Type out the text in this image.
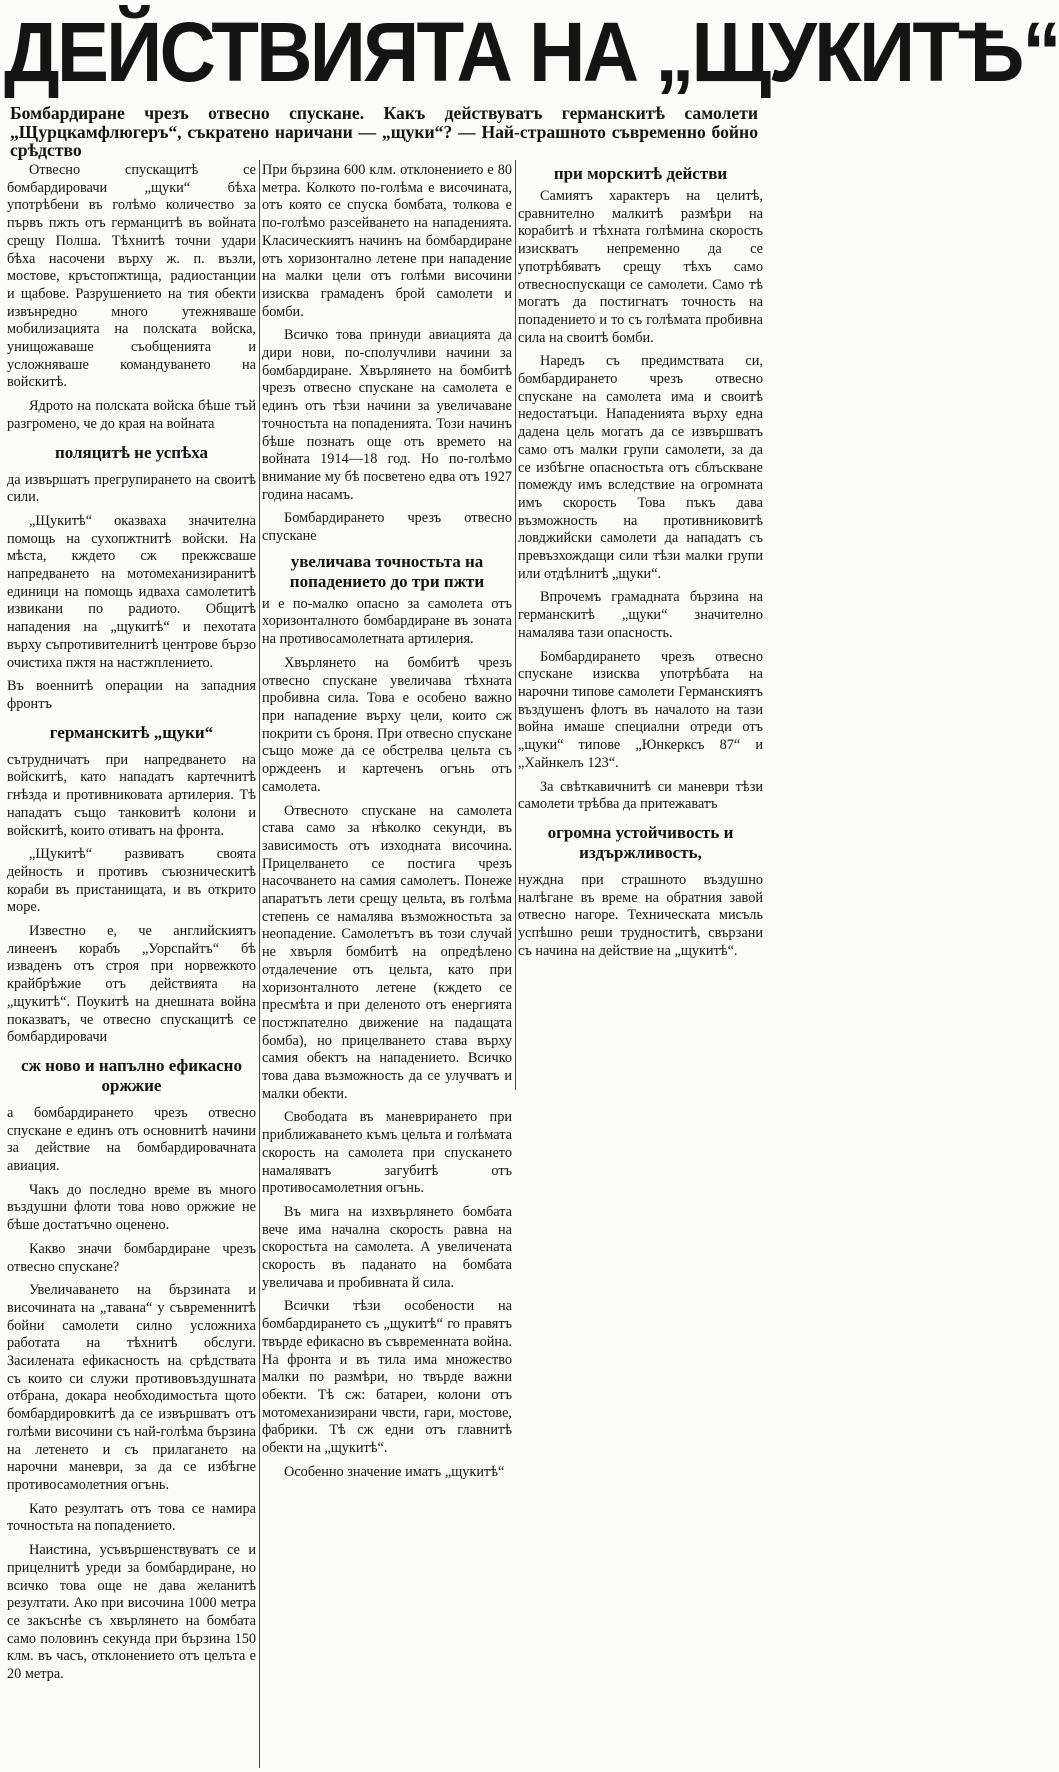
ДЕЙСТВИЯТА НА „ЩУКИТѢ“
Бомбардиране чрезъ отвесно спускане. Какъ действуватъ германскитѣ самолети „Щурцкамфлюгеръ“, съкратено наричани — „щуки“? — Най-страшното съвременно бойно срѣдство

Отвесно спускащитѣ се бомбардировачи „щуки“ бѣха употрѣбени въ голѣмо количество за първъ пжть отъ германцитѣ въ войната срещу Полша. Тѣхнитѣ точни удари бѣха насочени върху ж. п. възли, мостове, кръстопжтища, радиостанции и щабове. Разрушението на тия обекти извънредно много утежняваше мобилизацията на полската войска, унищожаваше съобщенията и усложняваше командуването на войскитѣ.

Ядрото на полската войска бѣше тъй разгромено, че до края на войната

поляцитѣ не успѣха

да извършатъ прегрупирането на своитѣ сили.

„Щукитѣ“ оказваха значителна помощь на сухопжтнитѣ войски. На мѣста, кждето сж прекжсваше напредването на мотомеханизиранитѣ единици на помощь идваха самолетитѣ извикани по радиото. Общитѣ нападения на „щукитѣ“ и пехотата върху съпротивителнитѣ центрове бързо очистиха пжтя на настжплението.

Въ военнитѣ операции на западния фронтъ

германскитѣ „щуки“

сътрудничатъ при напредването на войскитѣ, като нападатъ картечнитѣ гнѣзда и противниковата артилерия. Тѣ нападатъ също танковитѣ колони и войскитѣ, които отиватъ на фронта.

„Щукитѣ“ развиватъ своята дейность и противъ съюзническитѣ кораби въ пристанищата, и въ открито море.

Известно е, че английскиятъ линеенъ корабъ „Уорспайтъ“ бѣ изваденъ отъ строя при норвежкото крайбрѣжие отъ действията на „щукитѣ“. Поукитѣ на днешната война показватъ, че отвесно спускащитѣ се бомбардировачи

сж ново и напълно ефикасно оржжие

а бомбардирането чрезъ отвесно спускане е единъ отъ основнитѣ начини за действие на бомбардировачната авиация.

Чакъ до последно време въ много въздушни флоти това ново оржжие не бѣше достатъчно оценено.

Какво значи бомбардиране чрезъ отвесно спускане?

Увеличаването на бързината и височината на „тавана“ у съвременнитѣ бойни самолети силно усложниха работата на тѣхнитѣ обслуги. Засилената ефикасность на срѣдствата съ които си служи противовъздушната отбрана, докара необходимостьта щото бомбардировкитѣ да се извършватъ отъ голѣми височини съ най-голѣма бързина на летенето и съ прилагането на нарочни маневри, за да се избѣгне противосамолетния огънь.

Като резултатъ отъ това се намира точностьта на попадението.

Наистина, усъвършенствуватъ се и прицелнитѣ уреди за бомбардиране, но всичко това още не дава желанитѣ резултати. Ако при височина 1000 метра се закъснѣе съ хвърлянето на бомбата само половинъ секунда при бързина 150 клм. въ часъ, отклонението отъ целъта е 20 метра.

При бързина 600 клм. отклонението е 80 метра. Колкото по-голѣма е височината, отъ която се спуска бомбата, толкова е по-голѣмо разсейването на нападенията. Класическиятъ начинъ на бомбардиране отъ хоризонтално летене при нападение на малки цели отъ голѣми височини изисква грамаденъ брой самолети и бомби.

Всичко това принуди авиацията да дири нови, по-сполучливи начини за бомбардиране. Хвърлянето на бомбитѣ чрезъ отвесно спускане на самолета е единъ отъ тѣзи начини за увеличаване точностьта на попаденията. Този начинъ бѣше познатъ още отъ времето на войната 1914—18 год. Но по-голѣмо внимание му бѣ посветено едва отъ 1927 година насамъ.

Бомбардирането чрезъ отвесно спускане

увеличава точностьта на попадението до три пжти

и е по-малко опасно за самолета отъ хоризонталното бомбардиране въ зоната на противосамолетната артилерия.

Хвърлянето на бомбитѣ чрезъ отвесно спускане увеличава тѣхната пробивна сила. Това е особено важно при нападение върху цели, които сж покрити съ броня. При отвесно спускане също може да се обстрелва цельта съ орждеенъ и картеченъ огънь отъ самолета.

Отвесното спускане на самолета става само за нѣколко секунди, въ зависимость отъ изходната височина. Прицелването се постига чрезъ насочването на самия самолетъ. Понеже апаратътъ лети срещу цельта, въ голѣма степень се намалява възможностьта за неопадение. Самолетътъ въ този случай не хвърля бомбитѣ на опредѣлено отдалечение отъ цельта, като при хоризонталното летене (кждето се пресмѣта и при деленото отъ енергията постжпателно движение на падащата бомба), но прицелването става върху самия обектъ на нападението. Всичко това дава възможность да се улучватъ и малки обекти.

Свободата въ маневрирането при приближаването къмъ цельта и голѣмата скорость на самолета при спускането намаляватъ загубитѣ отъ противосамолетния огънь.

Въ мига на изхвърлянето бомбата вече има начална скорость равна на скоростьта на самолета. А увеличената скорость въ паданато на бомбата увеличава и пробивната й сила.

Всички тѣзи особености на бомбардирането съ „щукитѣ“ го правятъ твърде ефикасно въ съвременната война. На фронта и въ тила има множество малки по размѣри, но твърде важни обекти. Тѣ сж: батареи, колони отъ мотомеханизирани чвсти, гари, мостове, фабрики. Тѣ сж едни отъ главнитѣ обекти на „щукитѣ“.

Особенно значение иматъ „щукитѣ“

при морскитѣ действи

Самиятъ характеръ на целитѣ, сравнително малкитѣ размѣри на корабитѣ и тѣхната голѣмина скорость изискватъ непременно да се употрѣбяватъ срещу тѣхъ само отвесноспускащи се самолети. Само тѣ могатъ да постигнатъ точность на попадението и то съ голѣмата пробивна сила на своитѣ бомби.

Наредъ съ предимствата си, бомбардирането чрезъ отвесно спускане на самолета има и своитѣ недостатъци. Нападенията върху една дадена цель могатъ да се извършватъ само отъ малки групи самолети, за да се избѣгне опасностьта отъ сблъскване помежду имъ вследствие на огромната имъ скорость Това пъкъ дава възможность на противниковитѣ ловджийски самолети да нападатъ съ превъзхождащи сили тѣзи малки групи или отдѣлнитѣ „щуки“.

Впрочемъ грамадната бързина на германскитѣ „щуки“ значително намалява тази опасность.

Бомбардирането чрезъ отвесно спускане изисква употрѣбата на нарочни типове самолети Германскиятъ въздушенъ флотъ въ началото на тази война имаше специални отреди отъ „щуки“ типове „Юнкерксъ 87“ и „Хайнкелъ 123“.

За свѣткавичнитѣ си маневри тѣзи самолети трѣбва да притежаватъ

огромна устойчивость и издържливость,

нужднa при страшното въздушно налѣгане въ време на обратния завой отвесно нагоре. Техническата мисъль успѣшно реши трудноститѣ, свързани съ начина на действие на „щукитѣ“.
